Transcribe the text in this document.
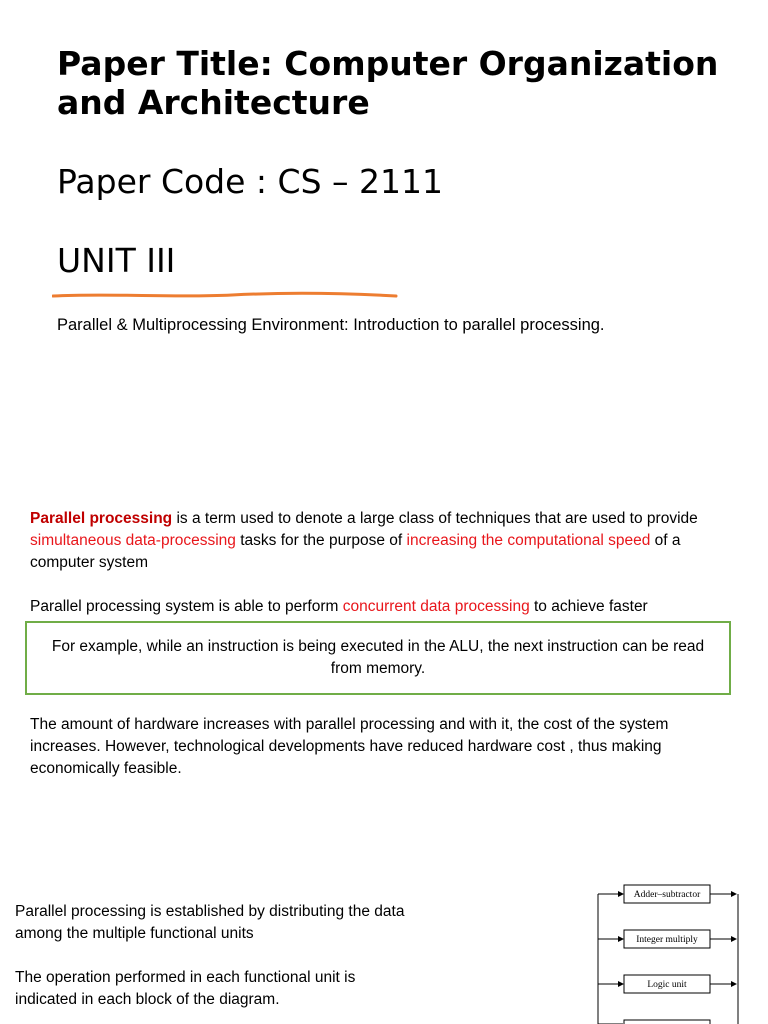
Paper Title: Computer Organization and Architecture

Paper Code : CS – 2111

UNIT III

Parallel & Multiprocessing Environment: Introduction to parallel processing.

Parallel processing is a term used to denote a large class of techniques that are used to provide simultaneous data-processing tasks for the purpose of increasing the computational speed of a computer system

Parallel processing system is able to perform concurrent data processing to achieve faster

For example, while an instruction is being executed in the ALU, the next instruction can be read from memory.

The amount of hardware increases with parallel processing and with it, the cost of the system increases. However, technological developments have reduced hardware cost , thus making economically feasible.

Parallel processing is established by distributing the data among the multiple functional units

The operation performed in each functional unit is indicated in each block of the diagram.

Adder–subtractor
Integer multiply
Logic unit
